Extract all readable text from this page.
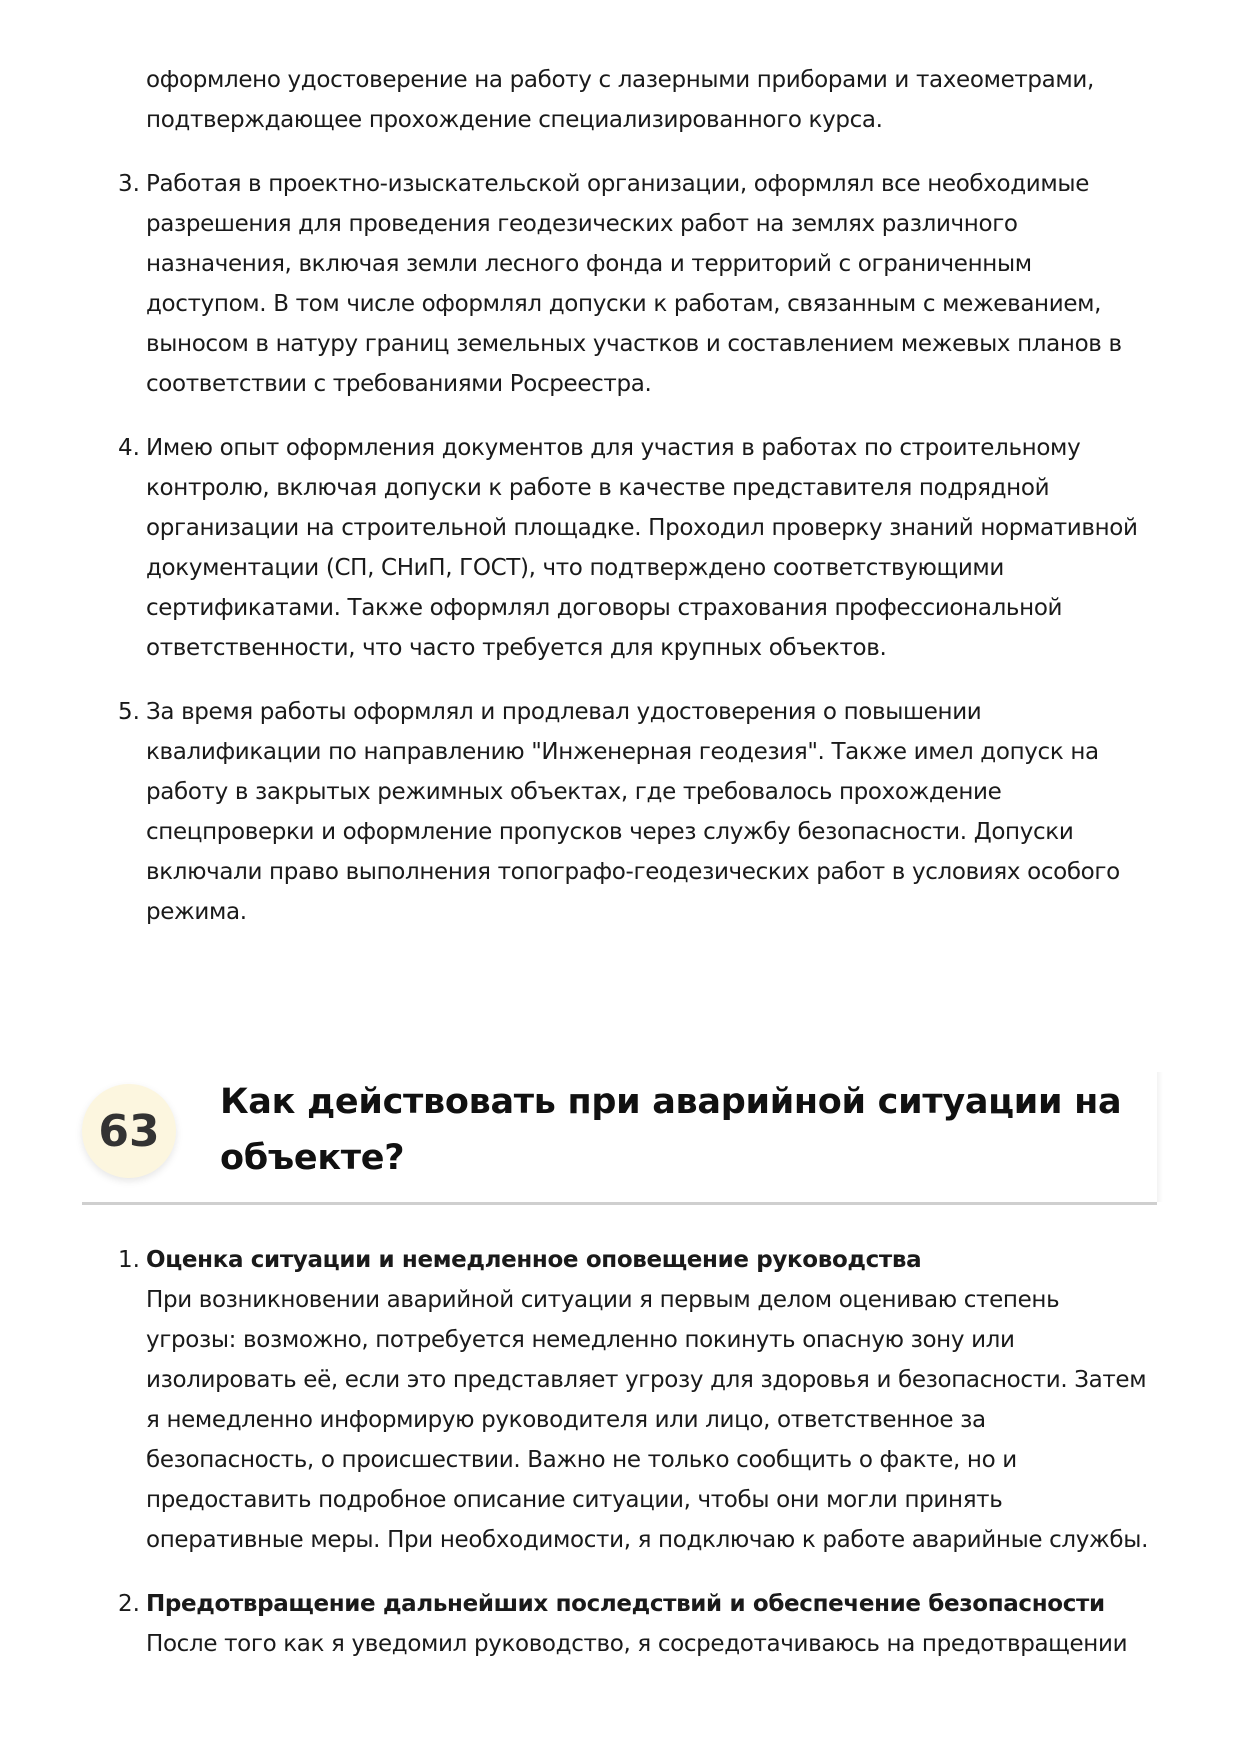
оформлено удостоверение на работу с лазерными приборами и тахеометрами, подтверждающее прохождение специализированного курса.
3. Работая в проектно-изыскательской организации, оформлял все необходимые разрешения для проведения геодезических работ на землях различного назначения, включая земли лесного фонда и территорий с ограниченным доступом. В том числе оформлял допуски к работам, связанным с межеванием, выносом в натуру границ земельных участков и составлением межевых планов в соответствии с требованиями Росреестра.
4. Имею опыт оформления документов для участия в работах по строительному контролю, включая допуски к работе в качестве представителя подрядной организации на строительной площадке. Проходил проверку знаний нормативной документации (СП, СНиП, ГОСТ), что подтверждено соответствующими сертификатами. Также оформлял договоры страхования профессиональной ответственности, что часто требуется для крупных объектов.
5. За время работы оформлял и продлевал удостоверения о повышении квалификации по направлению "Инженерная геодезия". Также имел допуск на работу в закрытых режимных объектах, где требовалось прохождение спецпроверки и оформление пропусков через службу безопасности. Допуски включали право выполнения топографо-геодезических работ в условиях особого режима.
63
Как действовать при аварийной ситуации на объекте?
1. Оценка ситуации и немедленное оповещение руководства
При возникновении аварийной ситуации я первым делом оцениваю степень угрозы: возможно, потребуется немедленно покинуть опасную зону или изолировать её, если это представляет угрозу для здоровья и безопасности. Затем я немедленно информирую руководителя или лицо, ответственное за безопасность, о происшествии. Важно не только сообщить о факте, но и предоставить подробное описание ситуации, чтобы они могли принять оперативные меры. При необходимости, я подключаю к работе аварийные службы.
2. Предотвращение дальнейших последствий и обеспечение безопасности
После того как я уведомил руководство, я сосредотачиваюсь на предотвращении
